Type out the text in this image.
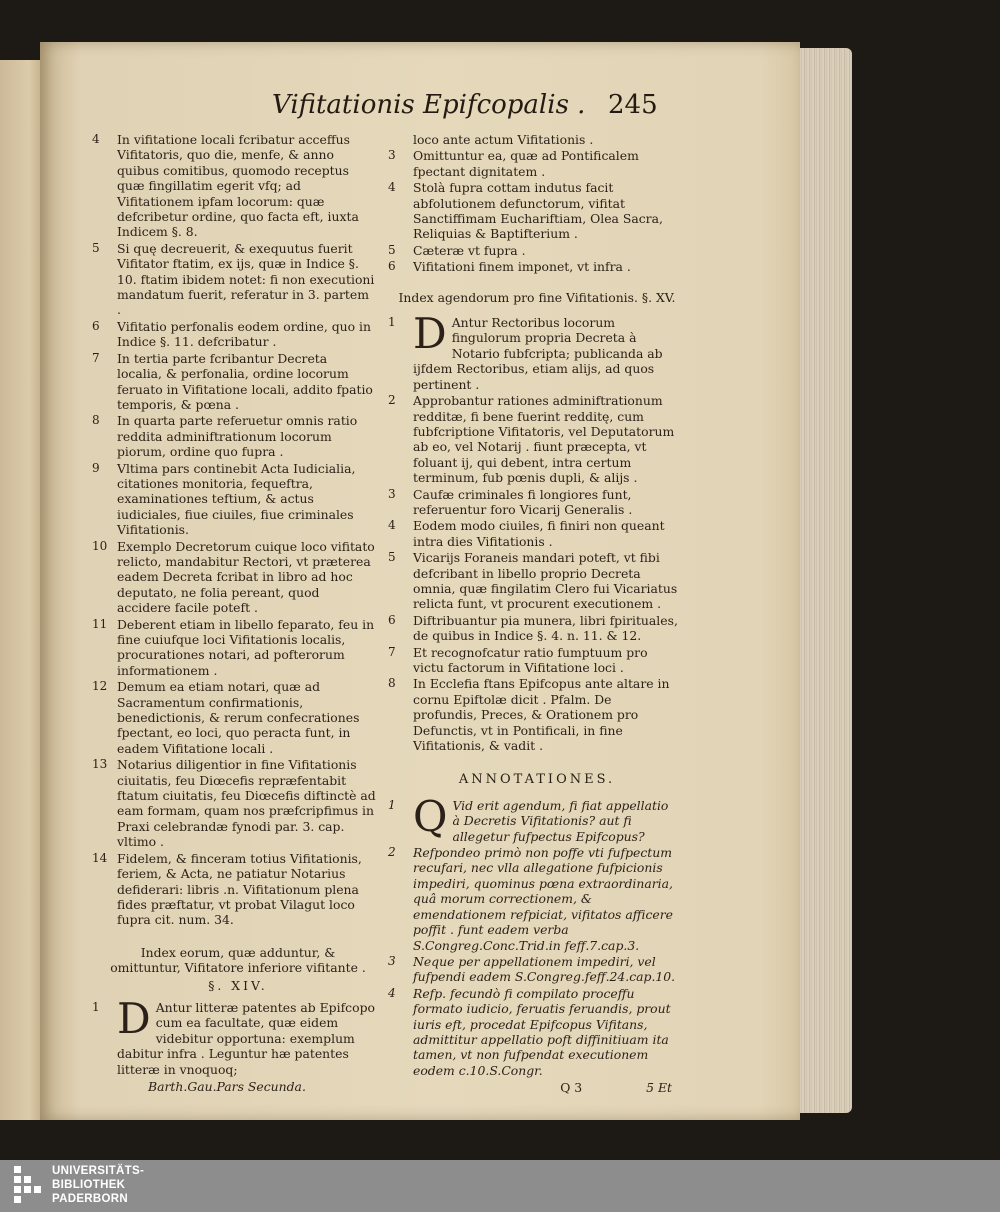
Vifitationis Epifcopalis . 245
4 In vifitatione locali fcribatur acceffus Vifitatoris, quo die, menfe, & anno quibus comitibus, quomodo receptus quæ fingillatim egerit vfq; ad Vifitationem ipfam locorum: quæ defcribetur ordine, quo facta eft, iuxta Indicem §. 8.
5 Si quę decreuerit, & exequutus fuerit Vifitator ftatim, ex ijs, quæ in Indice §. 10. ftatim ibidem notet: fi non executioni mandatum fuerit, referatur in 3. partem .
6 Vifitatio perfonalis eodem ordine, quo in Indice §. 11. defcribatur .
7 In tertia parte fcribantur Decreta localia, & perfonalia, ordine locorum feruato in Vifitatione locali, addito fpatio temporis, & pœna .
8 In quarta parte referuetur omnis ratio reddita adminiftrationum locorum piorum, ordine quo fupra .
9 Vltima pars continebit Acta Iudicialia, citationes monitoria, fequeftra, examinationes teftium, & actus iudiciales, fiue ciuiles, fiue criminales Vifitationis.
10 Exemplo Decretorum cuique loco vifitato relicto, mandabitur Rectori, vt præterea eadem Decreta fcribat in libro ad hoc deputato, ne folia pereant, quod accidere facile poteft .
11 Deberent etiam in libello feparato, feu in fine cuiufque loci Vifitationis localis, procurationes notari, ad pofterorum informationem .
12 Demum ea etiam notari, quæ ad Sacramentum confirmationis, benedictionis, & rerum confecrationes fpectant, eo loci, quo peracta funt, in eadem Vifitatione locali .
13 Notarius diligentior in fine Vifitationis ciuitatis, feu Diœcefis repræfentabit ftatum ciuitatis, feu Diœcefis diftinctè ad eam formam, quam nos præfcripfimus in Praxi celebrandæ fynodi par. 3. cap. vltimo .
14 Fidelem, & finceram totius Vifitationis, feriem, & Acta, ne patiatur Notarius defiderari: libris .n. Vifitationum plena fides præftatur, vt probat Vilagut loco fupra cit. num. 34.

Index eorum, quæ adduntur, & omittuntur, Vifitatore inferiore vifitante .

§. XIV.

1 D Antur litteræ patentes ab Epifcopo cum ea facultate, quæ eidem videbitur opportuna: exemplum dabitur infra . Leguntur hæ patentes litteræ in vnoquoq;

Barth.Gau.Pars Secunda.

loco ante actum Vifitationis .
3 Omittuntur ea, quæ ad Pontificalem fpectant dignitatem .
4 Stolà fupra cottam indutus facit abfolutionem defunctorum, vifitat Sanctiffimam Euchariftiam, Olea Sacra, Reliquias & Baptifterium .
5 Cæteræ vt fupra .
6 Vifitationi finem imponet, vt infra .

Index agendorum pro fine Vifitationis. §. XV.

1 D Antur Rectoribus locorum fingulorum propria Decreta à Notario fubfcripta; publicanda ab ijfdem Rectoribus, etiam alijs, ad quos pertinent .
2 Approbantur rationes adminiftrationum redditæ, fi bene fuerint redditę, cum fubfcriptione Vifitatoris, vel Deputatorum ab eo, vel Notarij . fiunt præcepta, vt foluant ij, qui debent, intra certum terminum, fub pœnis dupli, & alijs .
3 Caufæ criminales fi longiores funt, referuentur foro Vicarij Generalis .
4 Eodem modo ciuiles, fi finiri non queant intra dies Vifitationis .
5 Vicarijs Foraneis mandari poteft, vt fibi defcribant in libello proprio Decreta omnia, quæ fingilatim Clero fui Vicariatus relicta funt, vt procurent executionem .
6 Diftribuantur pia munera, libri fpirituales, de quibus in Indice §. 4. n. 11. & 12.
7 Et recognofcatur ratio fumptuum pro victu factorum in Vifitatione loci .
8 In Ecclefia ftans Epifcopus ante altare in cornu Epiftolæ dicit . Pfalm. De profundis, Preces, & Orationem pro Defunctis, vt in Pontificali, in fine Vifitationis, & vadit .

ANNOTATIONES.

1 Q Vid erit agendum, fi fiat appellatio à Decretis Vifitationis? aut fi allegetur fufpectus Epifcopus?
2 Refpondeo primò non poffe vti fufpectum recufari, nec vlla allegatione fufpicionis impediri, quominus pœna extraordinaria, quâ morum correctionem, & emendationem refpiciat, vifitatos afficere poffit . funt eadem verba S.Congreg.Conc.Trid.in feff.7.cap.3.
3 Neque per appellationem impediri, vel fufpendi eadem S.Congreg.feff.24.cap.10.
4 Refp. fecundò fi compilato proceffu formato iudicio, feruatis feruandis, prout iuris eft, procedat Epifcopus Vifitans, admittitur appellatio poft diffinitiuam ita tamen, vt non fufpendat executionem eodem c.10.S.Congr.

Q 3	5 Et

UNIVERSITÄTS-
BIBLIOTHEK
PADERBORN
